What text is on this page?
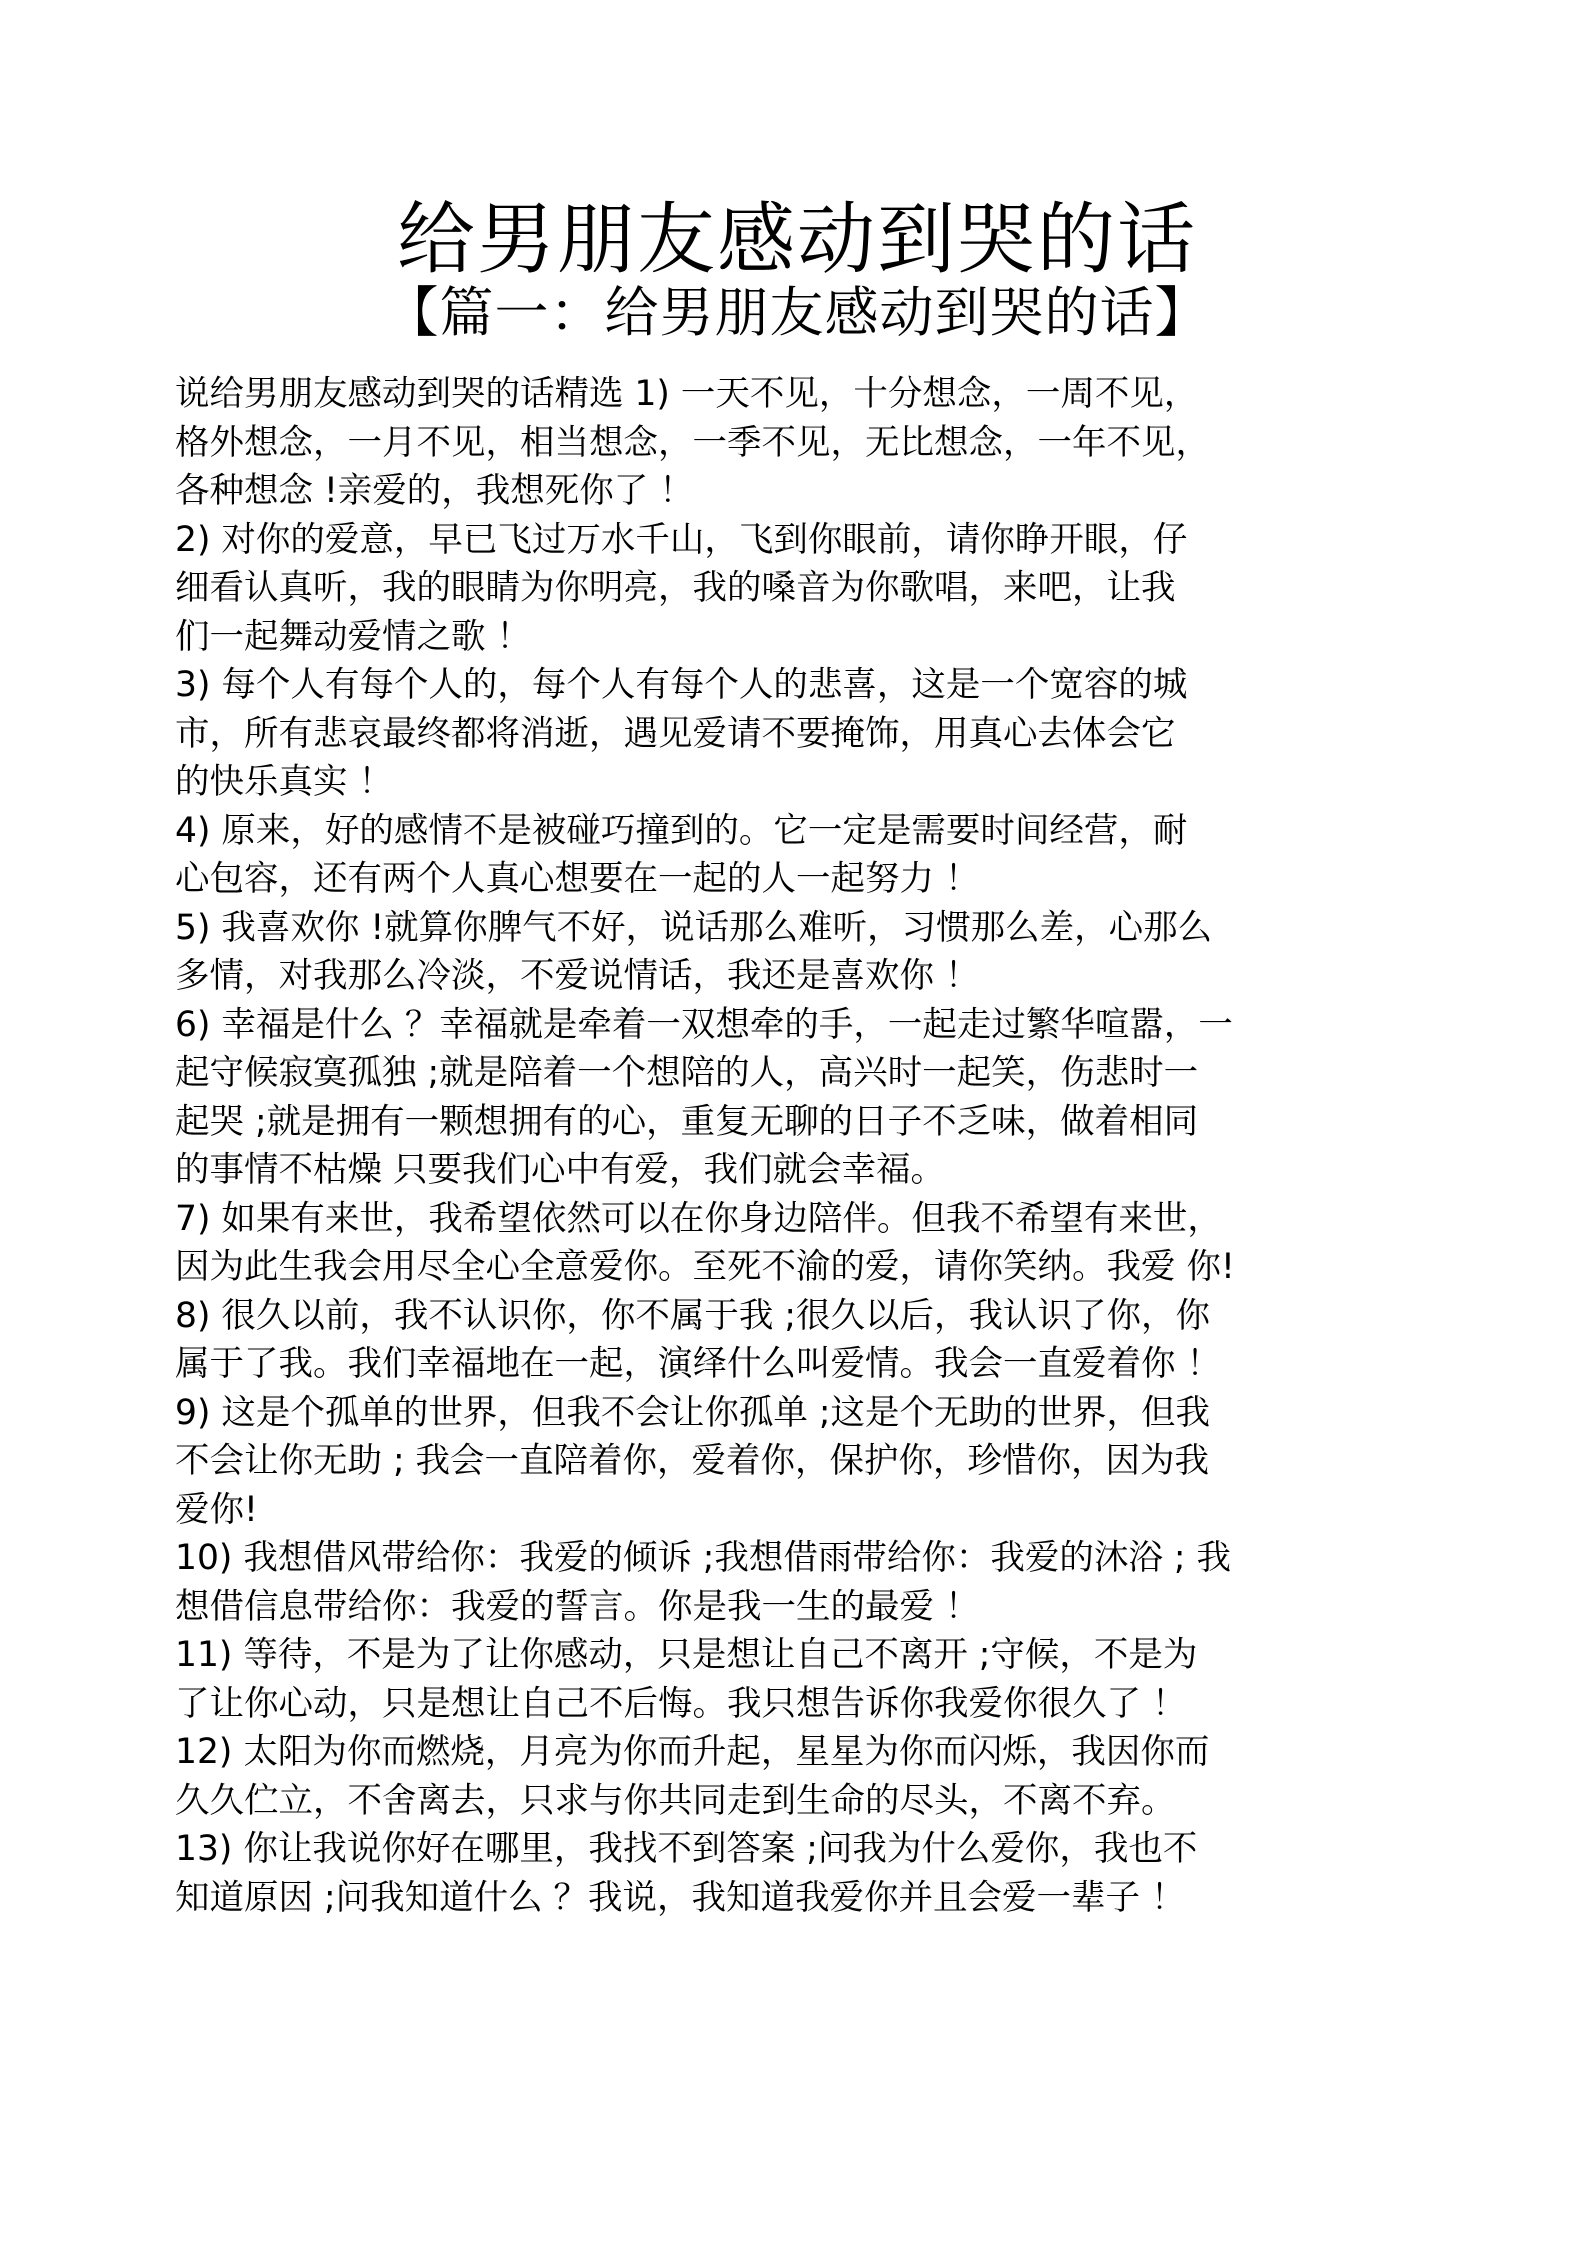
给男朋友感动到哭的话
【篇一：给男朋友感动到哭的话】
说给男朋友感动到哭的话精选 1) 一天不见，十分想念，一周不见，
格外想念，一月不见，相当想念，一季不见，无比想念，一年不见，
各种想念 !亲爱的，我想死你了 ！
2) 对你的爱意，早已飞过万水千山，飞到你眼前，请你睁开眼，仔
细看认真听，我的眼睛为你明亮，我的嗓音为你歌唱，来吧，让我
们一起舞动爱情之歌 ！
3) 每个人有每个人的，每个人有每个人的悲喜，这是一个宽容的城
市，所有悲哀最终都将消逝，遇见爱请不要掩饰，用真心去体会它
的快乐真实 ！
4) 原来，好的感情不是被碰巧撞到的。它一定是需要时间经营，耐
心包容，还有两个人真心想要在一起的人一起努力 ！
5) 我喜欢你 !就算你脾气不好，说话那么难听，习惯那么差，心那么
多情，对我那么冷淡，不爱说情话，我还是喜欢你 ！
6) 幸福是什么 ？幸福就是牵着一双想牵的手，一起走过繁华喧嚣，一
起守候寂寞孤独 ;就是陪着一个想陪的人，高兴时一起笑，伤悲时一
起哭 ;就是拥有一颗想拥有的心，重复无聊的日子不乏味，做着相同
的事情不枯燥 只要我们心中有爱，我们就会幸福。
7) 如果有来世，我希望依然可以在你身边陪伴。但我不希望有来世，
因为此生我会用尽全心全意爱你。至死不渝的爱，请你笑纳。我爱 你!
8) 很久以前，我不认识你，你不属于我 ;很久以后，我认识了你，你
属于了我。我们幸福地在一起，演绎什么叫爱情。我会一直爱着你 ！
9) 这是个孤单的世界，但我不会让你孤单 ;这是个无助的世界，但我
不会让你无助 ; 我会一直陪着你，爱着你，保护你，珍惜你，因为我
爱你!
10) 我想借风带给你：我爱的倾诉 ;我想借雨带给你：我爱的沐浴 ; 我
想借信息带给你：我爱的誓言。你是我一生的最爱 ！
11) 等待，不是为了让你感动，只是想让自己不离开 ;守候，不是为
了让你心动，只是想让自己不后悔。我只想告诉你我爱你很久了 ！
12) 太阳为你而燃烧，月亮为你而升起，星星为你而闪烁，我因你而
久久伫立，不舍离去，只求与你共同走到生命的尽头，不离不弃。
13) 你让我说你好在哪里，我找不到答案 ;问我为什么爱你，我也不
知道原因 ;问我知道什么 ？我说，我知道我爱你并且会爱一辈子 ！
